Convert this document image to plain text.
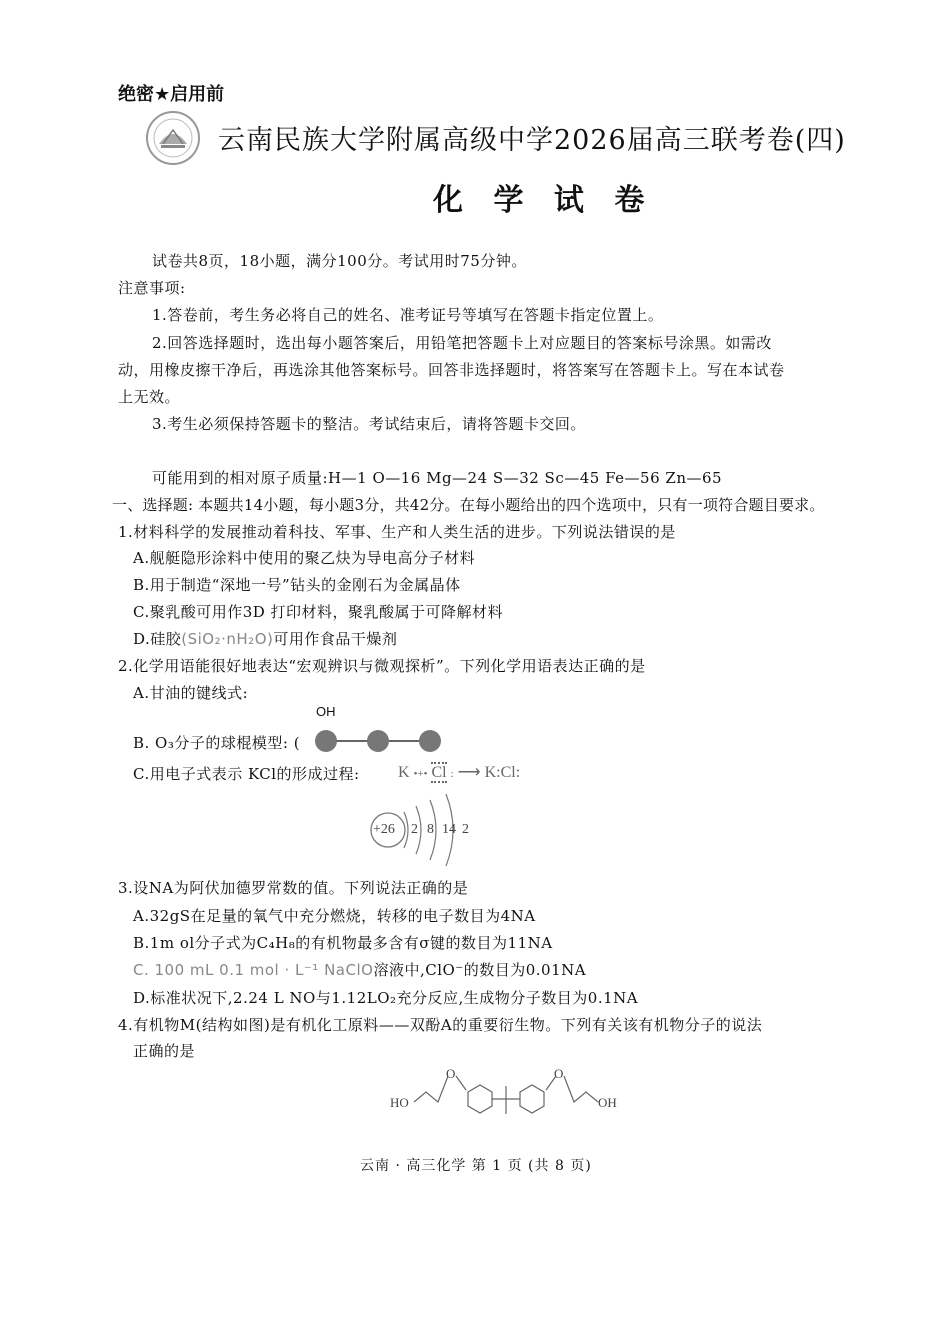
绝密★启用前
云南民族大学附属高级中学2026届高三联考卷(四)
化 学 试 卷
试卷共8页，18小题，满分100分。考试用时75分钟。
注意事项:
1.答卷前，考生务必将自己的姓名、准考证号等填写在答题卡指定位置上。
2.回答选择题时，选出每小题答案后，用铅笔把答题卡上对应题目的答案标号涂黑。如需改
动，用橡皮擦干净后，再选涂其他答案标号。回答非选择题时，将答案写在答题卡上。写在本试卷
上无效。
3.考生必须保持答题卡的整洁。考试结束后，请将答题卡交回。
可能用到的相对原子质量:H—1 O—16 Mg—24 S—32 Sc—45 Fe—56 Zn—65
一、选择题: 本题共14小题，每小题3分，共42分。在每小题给出的四个选项中，只有一项符合题目要求。
1.材料科学的发展推动着科技、军事、生产和人类生活的进步。下列说法错误的是
A.舰艇隐形涂料中使用的聚乙炔为导电高分子材料
B.用于制造“深地一号”钻头的金刚石为金属晶体
C.聚乳酸可用作3D 打印材料，聚乳酸属于可降解材料
D.硅胶(SiO₂·nH₂O)可用作食品干燥剂
2.化学用语能很好地表达“宏观辨识与微观探析”。下列化学用语表达正确的是
A.甘油的键线式:
OH
B. O₃分子的球棍模型: (
C.用电子式表示 KCl的形成过程: K •+• Cl : ⟶ K:Cl:
+26 2 8 14 2
3.设NA为阿伏加德罗常数的值。下列说法正确的是
A.32gS在足量的氧气中充分燃烧，转移的电子数目为4NA
B.1m ol分子式为C₄H₈的有机物最多含有σ键的数目为11NA
C. 100 mL 0.1 mol · L⁻¹ NaClO溶液中,ClO⁻的数目为0.01NA
D.标准状况下,2.24 L NO与1.12LO₂充分反应,生成物分子数目为0.1NA
4.有机物M(结构如图)是有机化工原料——双酚A的重要衍生物。下列有关该有机物分子的说法
正确的是
HO
O	O
OH
云南 · 高三化学 第 1 页 (共 8 页)
